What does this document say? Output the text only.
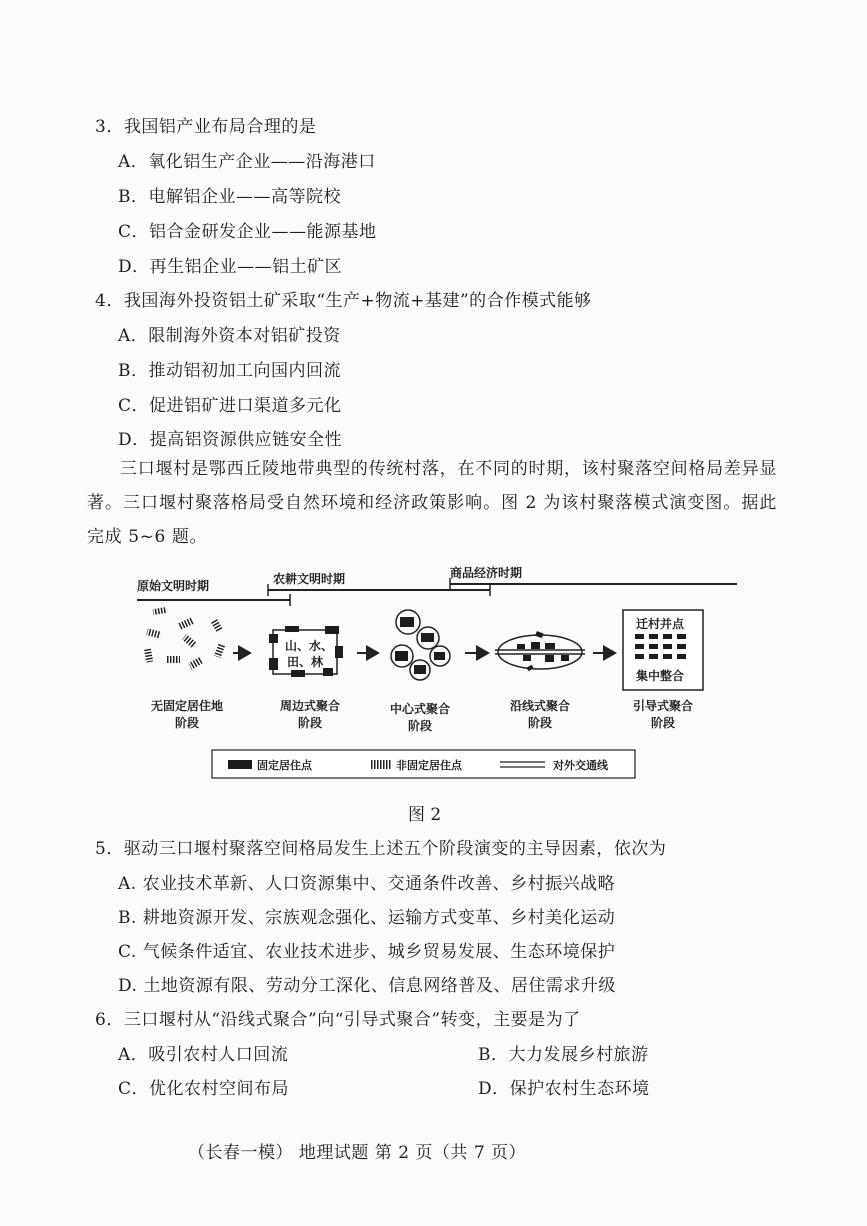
3．我国铝产业布局合理的是
A．氧化铝生产企业——沿海港口
B．电解铝企业——高等院校
C．铝合金研发企业——能源基地
D．再生铝企业——铝土矿区
4．我国海外投资铝土矿采取“生产+物流+基建”的合作模式能够
A．限制海外资本对铝矿投资
B．推动铝初加工向国内回流
C．促进铝矿进口渠道多元化
D．提高铝资源供应链安全性
三口堰村是鄂西丘陵地带典型的传统村落，在不同的时期，该村聚落空间格局差异显著。三口堰村聚落格局受自然环境和经济政策影响。图 2 为该村聚落模式演变图。据此完成 5~6 题。
原始文明时期	农耕文明时期	商品经济时期
山、水、
田、林
迁村并点
集中整合
无固定居住地
阶段
周边式聚合
阶段
中心式聚合
阶段
沿线式聚合
阶段
引导式聚合
阶段
固定居住点	非固定居住点	对外交通线
图 2
5．驱动三口堰村聚落空间格局发生上述五个阶段演变的主导因素，依次为
A. 农业技术革新、人口资源集中、交通条件改善、乡村振兴战略
B. 耕地资源开发、宗族观念强化、运输方式变革、乡村美化运动
C. 气候条件适宜、农业技术进步、城乡贸易发展、生态环境保护
D. 土地资源有限、劳动分工深化、信息网络普及、居住需求升级
6．三口堰村从“沿线式聚合”向“引导式聚合”转变，主要是为了
A．吸引农村人口回流	B．大力发展乡村旅游
C．优化农村空间布局	D．保护农村生态环境
（长春一模） 地理试题 第 2 页（共 7 页）
